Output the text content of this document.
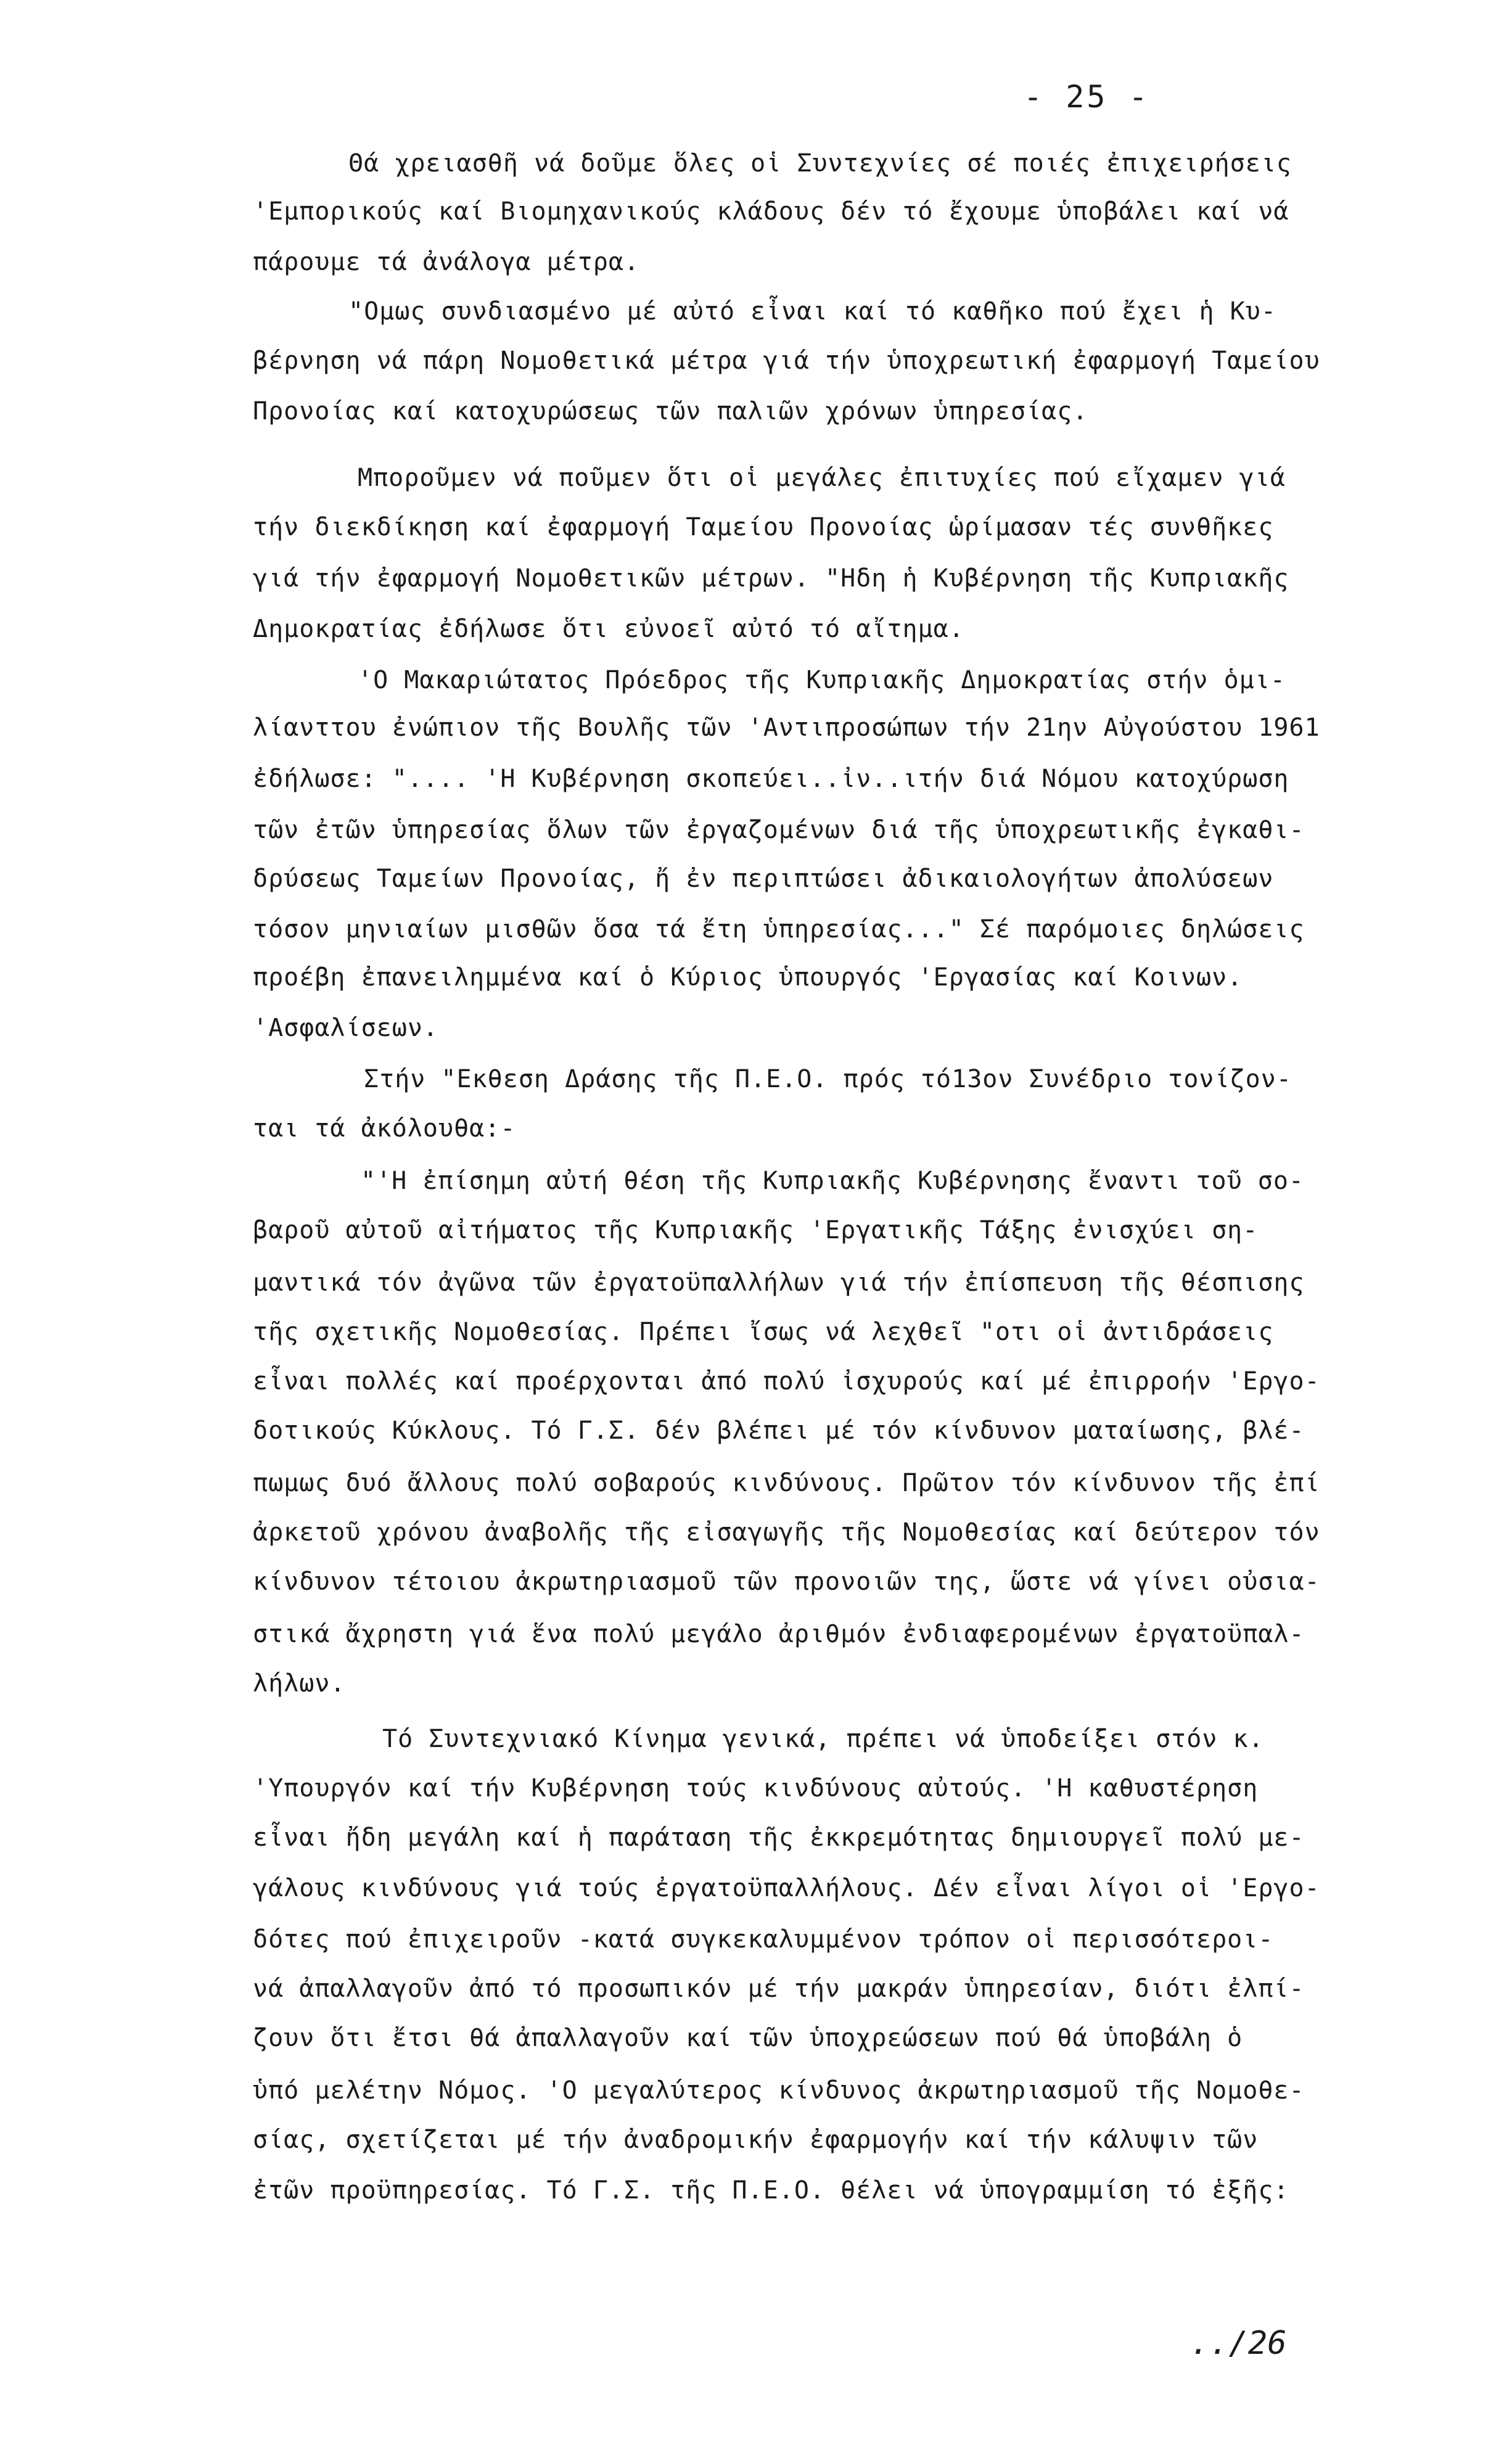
- 25 -
Θά χρειασθῆ νά δοῦμε ὅλες οἱ Συντεχνίες σέ ποιές ἐπιχειρήσεις
'Εμπορικούς καί Βιομηχανικούς κλάδους δέν τό ἔχουμε ὑποβάλει καί νά
πάρουμε τά ἀνάλογα μέτρα.
"Ομως συνδιασμένο μέ αὐτό εἶναι καί τό καθῆκο πού ἔχει ἡ Κυ-
βέρνηση νά πάρη Νομοθετικά μέτρα γιά τήν ὑποχρεωτική ἐφαρμογή Ταμείου
Προνοίας καί κατοχυρώσεως τῶν παλιῶν χρόνων ὑπηρεσίας.
Μποροῦμεν νά ποῦμεν ὅτι οἱ μεγάλες ἐπιτυχίες πού εἴχαμεν γιά
τήν διεκδίκηση καί ἐφαρμογή Ταμείου Προνοίας ὡρίμασαν τές συνθῆκες
γιά τήν ἐφαρμογή Νομοθετικῶν μέτρων. "Ηδη ἡ Κυβέρνηση τῆς Κυπριακῆς
Δημοκρατίας ἐδήλωσε ὅτι εὐνοεῖ αὐτό τό αἴτημα.
'Ο Μακαριώτατος Πρόεδρος τῆς Κυπριακῆς Δημοκρατίας στήν ὁμι-
λίανττου ἐνώπιον τῆς Βουλῆς τῶν 'Αντιπροσώπων τήν 21ην Αὐγούστου 1961
ἐδήλωσε: ".... 'Η Κυβέρνηση σκοπεύει..ἰν..ιτήν διά Νόμου κατοχύρωση
τῶν ἐτῶν ὑπηρεσίας ὅλων τῶν ἐργαζομένων διά τῆς ὑποχρεωτικῆς ἐγκαθι-
δρύσεως Ταμείων Προνοίας, ἤ ἐν περιπτώσει ἀδικαιολογήτων ἀπολύσεων
τόσον μηνιαίων μισθῶν ὅσα τά ἔτη ὑπηρεσίας..." Σέ παρόμοιες δηλώσεις
προέβη ἐπανειλημμένα καί ὁ Κύριος ὑπουργός 'Εργασίας καί Κοινων.
'Ασφαλίσεων.
Στήν "Εκθεση Δράσης τῆς Π.Ε.Ο. πρός τό13ον Συνέδριο τονίζον-
ται τά ἀκόλουθα:-
"'Η ἐπίσημη αὐτή θέση τῆς Κυπριακῆς Κυβέρνησης ἔναντι τοῦ σο-
βαροῦ αὐτοῦ αἰτήματος τῆς Κυπριακῆς 'Εργατικῆς Τάξης ἐνισχύει ση-
μαντικά τόν ἀγῶνα τῶν ἐργατοϋπαλλήλων γιά τήν ἐπίσπευση τῆς θέσπισης
τῆς σχετικῆς Νομοθεσίας. Πρέπει ἴσως νά λεχθεῖ "οτι οἱ ἀντιδράσεις
εἶναι πολλές καί προέρχονται ἀπό πολύ ἰσχυρούς καί μέ ἐπιρροήν 'Εργο-
δοτικούς Κύκλους. Τό Γ.Σ. δέν βλέπει μέ τόν κίνδυνον ματαίωσης, βλέ-
πωμως δυό ἄλλους πολύ σοβαρούς κινδύνους. Πρῶτον τόν κίνδυνον τῆς ἐπί
ἀρκετοῦ χρόνου ἀναβολῆς τῆς εἰσαγωγῆς τῆς Νομοθεσίας καί δεύτερον τόν
κίνδυνον τέτοιου ἀκρωτηριασμοῦ τῶν προνοιῶν της, ὥστε νά γίνει οὐσια-
στικά ἄχρηστη γιά ἕνα πολύ μεγάλο ἀριθμόν ἐνδιαφερομένων ἐργατοϋπαλ-
λήλων.
Τό Συντεχνιακό Κίνημα γενικά, πρέπει νά ὑποδείξει στόν κ.
'Υπουργόν καί τήν Κυβέρνηση τούς κινδύνους αὐτούς. 'Η καθυστέρηση
εἶναι ἤδη μεγάλη καί ἡ παράταση τῆς ἐκκρεμότητας δημιουργεῖ πολύ με-
γάλους κινδύνους γιά τούς ἐργατοϋπαλλήλους. Δέν εἶναι λίγοι οἱ 'Εργο-
δότες πού ἐπιχειροῦν -κατά συγκεκαλυμμένον τρόπον οἱ περισσότεροι-
νά ἀπαλλαγοῦν ἀπό τό προσωπικόν μέ τήν μακράν ὑπηρεσίαν, διότι ἐλπί-
ζουν ὅτι ἔτσι θά ἀπαλλαγοῦν καί τῶν ὑποχρεώσεων πού θά ὑποβάλη ὁ
ὑπό μελέτην Νόμος. 'Ο μεγαλύτερος κίνδυνος ἀκρωτηριασμοῦ τῆς Νομοθε-
σίας, σχετίζεται μέ τήν ἀναδρομικήν ἐφαρμογήν καί τήν κάλυψιν τῶν
ἐτῶν προϋπηρεσίας. Τό Γ.Σ. τῆς Π.Ε.Ο. θέλει νά ὑπογραμμίση τό ἑξῆς:
../26
